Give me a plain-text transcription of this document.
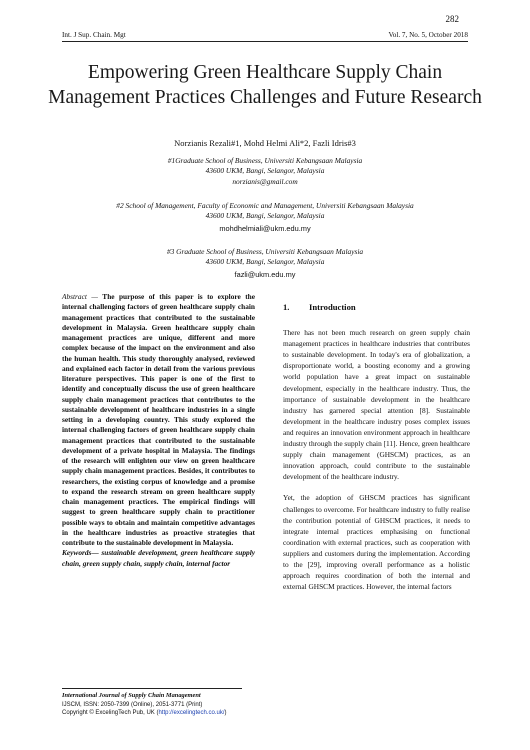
282
Int. J Sup. Chain. Mgt	Vol. 7, No. 5, October 2018
Empowering Green Healthcare Supply Chain Management Practices Challenges and Future Research
Norzianis Rezali#1, Mohd Helmi Ali*2, Fazli Idris#3
#1Graduate School of Business, Universiti Kebangsaan Malaysia
43600 UKM, Bangi, Selangor, Malaysia
norzianis@gmail.com
#2 School of Management, Faculty of Economic and Management, Universiti Kebangsaan Malaysia
43600 UKM, Bangi, Selangor, Malaysia
mohdhelmiali@ukm.edu.my
#3 Graduate School of Business, Universiti Kebangsaan Malaysia
43600 UKM, Bangi, Selangor, Malaysia
fazli@ukm.edu.my
Abstract — The purpose of this paper is to explore the internal challenging factors of green healthcare supply chain management practices that contributed to the sustainable development in Malaysia. Green healthcare supply chain management practices are unique, different and more complex because of the impact on the environment and also the human health. This study thoroughly analysed, reviewed and explained each factor in detail from the various previous literature perspectives. This paper is one of the first to identify and conceptually discuss the use of green healthcare supply chain management practices that contributes to the sustainable development of healthcare industries in a single setting in a developing country. This study explored the internal challenging factors of green healthcare supply chain management practices that contributed to the sustainable development of a private hospital in Malaysia. The findings of the research will enlighten our view on green healthcare supply chain management practices. Besides, it contributes to researchers, the existing corpus of knowledge and a promise to expand the research stream on green healthcare supply chain management practices. The empirical findings will suggest to green healthcare supply chain to practitioner possible ways to obtain and maintain competitive advantages in the healthcare industries as proactive strategies that contribute to the sustainable development in Malaysia.
Keywords— sustainable development, green healthcare supply chain, green supply chain, supply chain, internal factor
1. Introduction

There has not been much research on green supply chain management practices in healthcare industries that contributes to sustainable development. In today's era of globalization, a disproportionate world, a boosting economy and a growing world population have a great impact on sustainable development, especially in the healthcare industry. Thus, the importance of sustainable development in the healthcare industry has garnered special attention [8]. Sustainable development in the healthcare industry poses complex issues and requires an innovation environment approach in healthcare industry through the supply chain [11]. Hence, green healthcare supply chain management (GHSCM) practices, as an innovation approach, could contribute to the sustainable development of the healthcare industry.

Yet, the adoption of GHSCM practices has significant challenges to overcome. For healthcare industry to fully realise the contribution potential of GHSCM practices, it needs to integrate internal practices emphasising on functional coordination with external practices, such as cooperation with suppliers and customers during the implementation. According to the [29], improving overall performance as a holistic approach requires coordination of both the internal and external GHSCM practices. However, the internal factors

International Journal of Supply Chain Management
IJSCM, ISSN: 2050-7399 (Online), 2051-3771 (Print)
Copyright © ExcelingTech Pub, UK (http://excelingtech.co.uk/)
